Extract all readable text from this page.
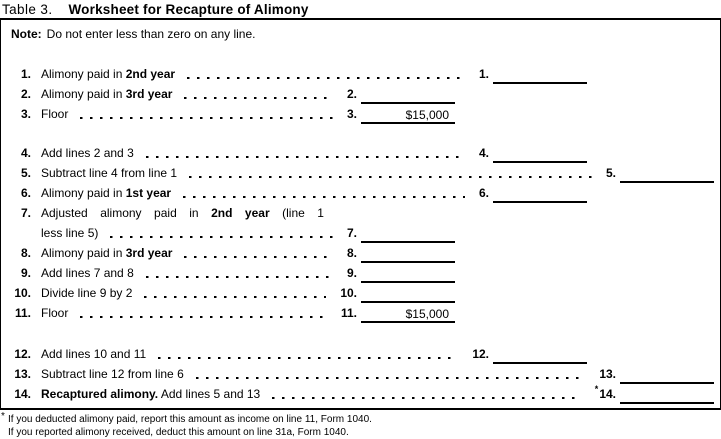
Table 3. Worksheet for Recapture of Alimony
Note: Do not enter less than zero on any line.
1. Alimony paid in 2nd year	1.
2. Alimony paid in 3rd year	2.
3. Floor	3.	$15,000
4. Add lines 2 and 3	4.
5. Subtract line 4 from line 1	5.
6. Alimony paid in 1st year	6.
7. Adjusted alimony paid in 2nd year (line 1
less line 5)	7.
8. Alimony paid in 3rd year	8.
9. Add lines 7 and 8	9.
10. Divide line 9 by 2	10.
11. Floor	11.	$15,000
12. Add lines 10 and 11	12.
13. Subtract line 12 from line 6	13.
14. Recaptured alimony. Add lines 5 and 13	*14.
* If you deducted alimony paid, report this amount as income on line 11, Form 1040.
If you reported alimony received, deduct this amount on line 31a, Form 1040.
